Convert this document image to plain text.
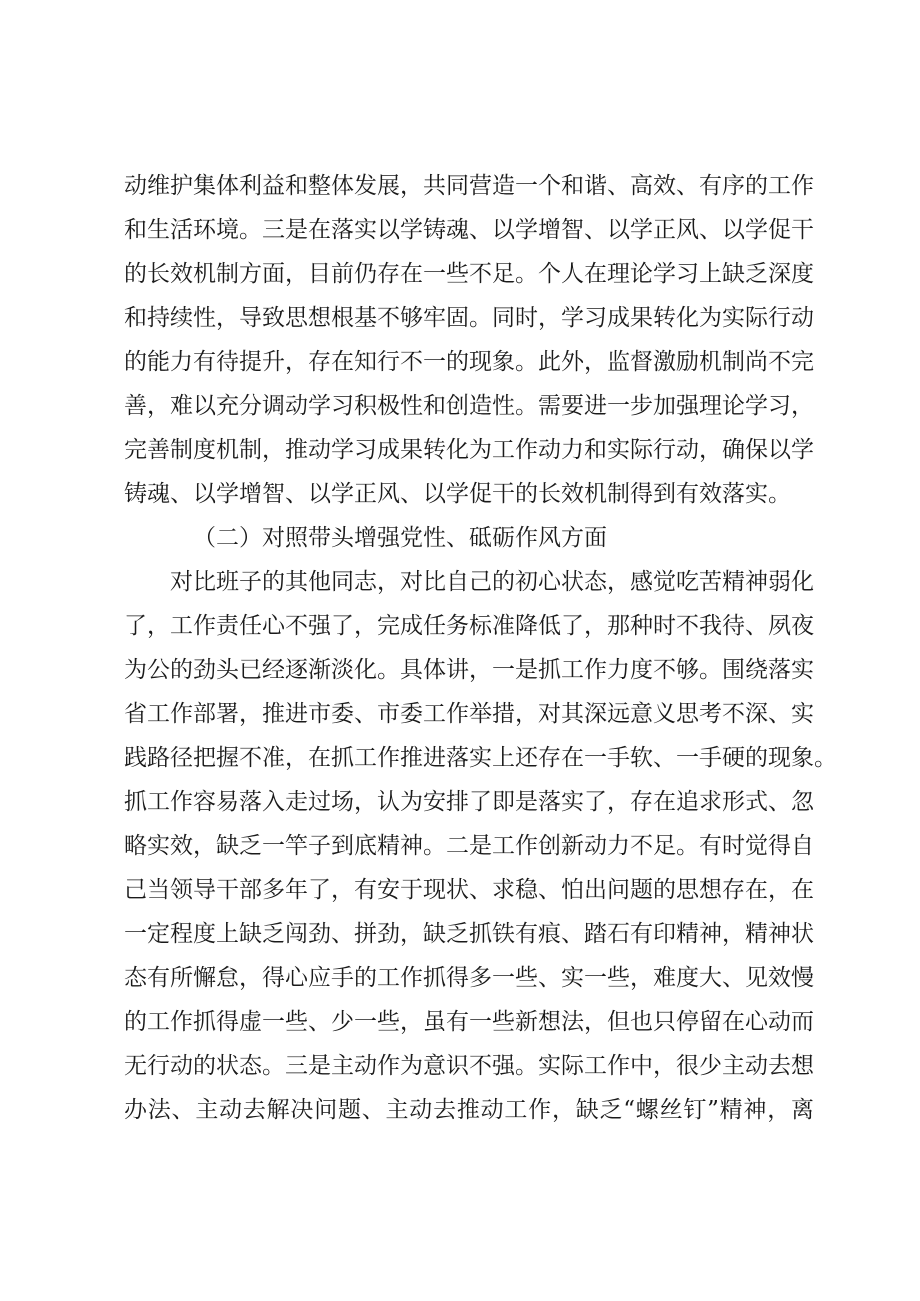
动维护集体利益和整体发展，共同营造一个和谐、高效、有序的工作
和生活环境。三是在落实以学铸魂、以学增智、以学正风、以学促干
的长效机制方面，目前仍存在一些不足。个人在理论学习上缺乏深度
和持续性，导致思想根基不够牢固。同时，学习成果转化为实际行动
的能力有待提升，存在知行不一的现象。此外，监督激励机制尚不完
善，难以充分调动学习积极性和创造性。需要进一步加强理论学习，
完善制度机制，推动学习成果转化为工作动力和实际行动，确保以学
铸魂、以学增智、以学正风、以学促干的长效机制得到有效落实。
（二）对照带头增强党性、砥砺作风方面
对比班子的其他同志，对比自己的初心状态，感觉吃苦精神弱化
了，工作责任心不强了，完成任务标准降低了，那种时不我待、夙夜
为公的劲头已经逐渐淡化。具体讲，一是抓工作力度不够。围绕落实
省工作部署，推进市委、市委工作举措，对其深远意义思考不深、实
践路径把握不准，在抓工作推进落实上还存在一手软、一手硬的现象。
抓工作容易落入走过场，认为安排了即是落实了，存在追求形式、忽
略实效，缺乏一竿子到底精神。二是工作创新动力不足。有时觉得自
己当领导干部多年了，有安于现状、求稳、怕出问题的思想存在，在
一定程度上缺乏闯劲、拼劲，缺乏抓铁有痕、踏石有印精神，精神状
态有所懈怠，得心应手的工作抓得多一些、实一些，难度大、见效慢
的工作抓得虚一些、少一些，虽有一些新想法，但也只停留在心动而
无行动的状态。三是主动作为意识不强。实际工作中，很少主动去想
办法、主动去解决问题、主动去推动工作，缺乏“螺丝钉”精神，离
